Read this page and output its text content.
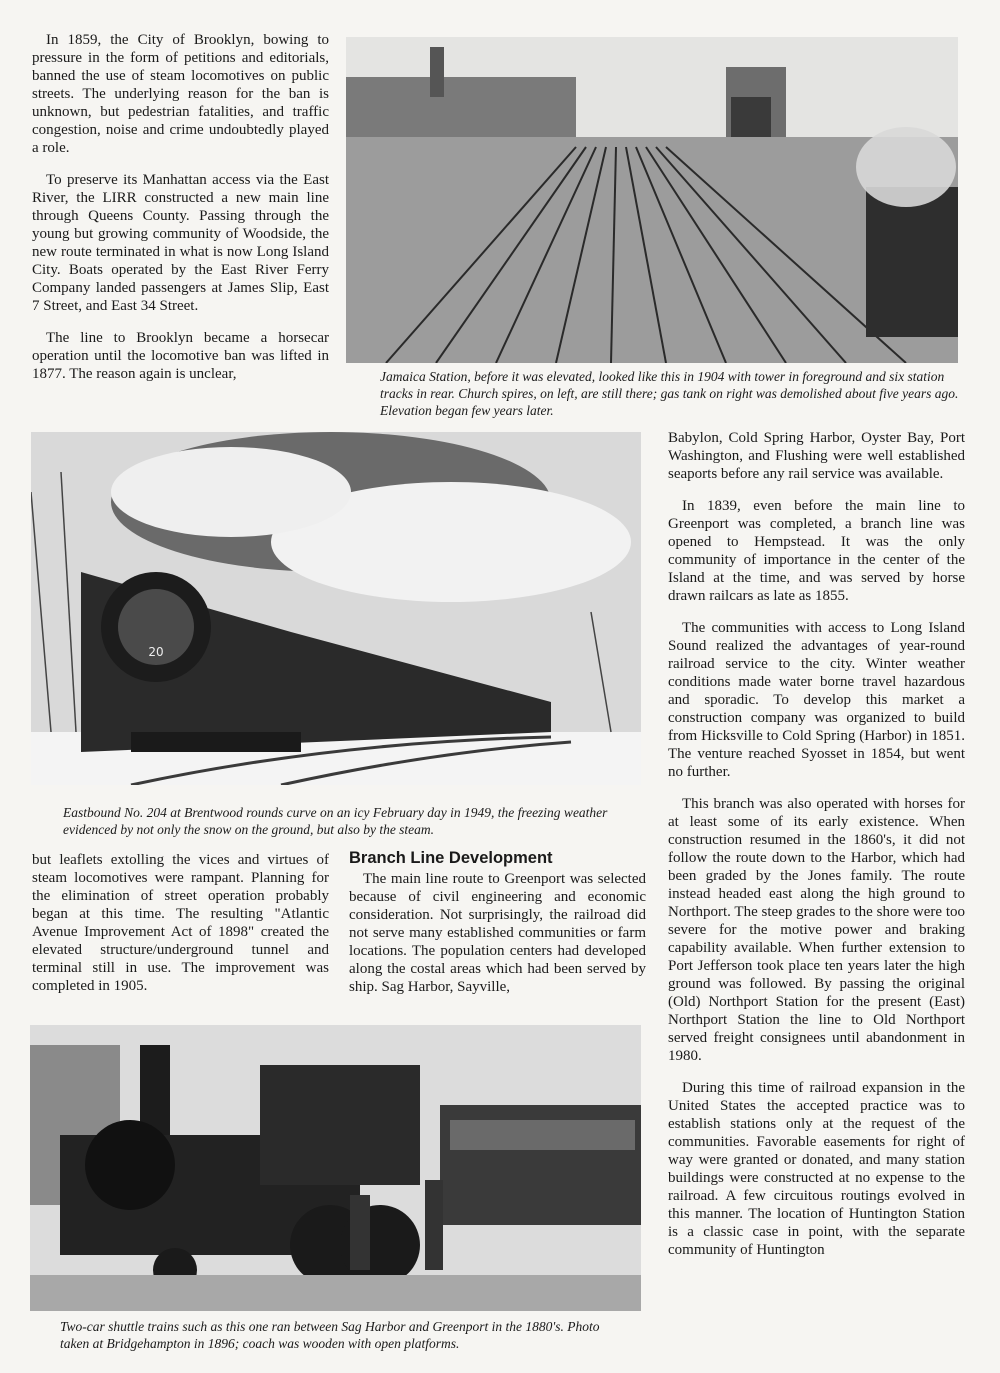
In 1859, the City of Brooklyn, bowing to pressure in the form of petitions and editorials, banned the use of steam locomotives on public streets. The underlying reason for the ban is unknown, but pedestrian fatalities, and traffic congestion, noise and crime undoubtedly played a role.

To preserve its Manhattan access via the East River, the LIRR constructed a new main line through Queens County. Passing through the young but growing community of Woodside, the new route terminated in what is now Long Island City. Boats operated by the East River Ferry Company landed passengers at James Slip, East 7 Street, and East 34 Street.

The line to Brooklyn became a horsecar operation until the locomotive ban was lifted in 1877. The reason again is unclear,	Jamaica Station, before it was elevated, looked like this in 1904 with tower in foreground and six station tracks in rear. Church spires, on left, are still there; gas tank on right was demolished about five years ago. Elevation began few years later.

20

Eastbound No. 204 at Brentwood rounds curve on an icy February day in 1949, the freezing weather evidenced by not only the snow on the ground, but also by the steam.

but leaflets extolling the vices and virtues of steam locomotives were rampant. Planning for the elimination of street operation probably began at this time. The resulting "Atlantic Avenue Improvement Act of 1898" created the elevated structure/underground tunnel and terminal still in use. The improvement was completed in 1905.

Branch Line Development

The main line route to Greenport was selected because of civil engineering and economic consideration. Not surprisingly, the railroad did not serve many established communities or farm locations. The population centers had developed along the costal areas which had been served by ship. Sag Harbor, Sayville,

Two-car shuttle trains such as this one ran between Sag Harbor and Greenport in the 1880's. Photo taken at Bridgehampton in 1896; coach was wooden with open platforms.

Babylon, Cold Spring Harbor, Oyster Bay, Port Washington, and Flushing were well established seaports before any rail service was available.

In 1839, even before the main line to Greenport was completed, a branch line was opened to Hempstead. It was the only community of importance in the center of the Island at the time, and was served by horse drawn railcars as late as 1855.

The communities with access to Long Island Sound realized the advantages of year-round railroad service to the city. Winter weather conditions made water borne travel hazardous and sporadic. To develop this market a construction company was organized to build from Hicksville to Cold Spring (Harbor) in 1851. The venture reached Syosset in 1854, but went no further.

This branch was also operated with horses for at least some of its early existence. When construction resumed in the 1860's, it did not follow the route down to the Harbor, which had been graded by the Jones family. The route instead headed east along the high ground to Northport. The steep grades to the shore were too severe for the motive power and braking capability available. When further extension to Port Jefferson took place ten years later the high ground was followed. By passing the original (Old) Northport Station for the present (East) Northport Station the line to Old Northport served freight consignees until abandonment in 1980.

During this time of railroad expansion in the United States the accepted practice was to establish stations only at the request of the communities. Favorable easements for right of way were granted or donated, and many station buildings were constructed at no expense to the railroad. A few circuitous routings evolved in this manner. The location of Huntington Station is a classic case in point, with the separate community of Huntington
